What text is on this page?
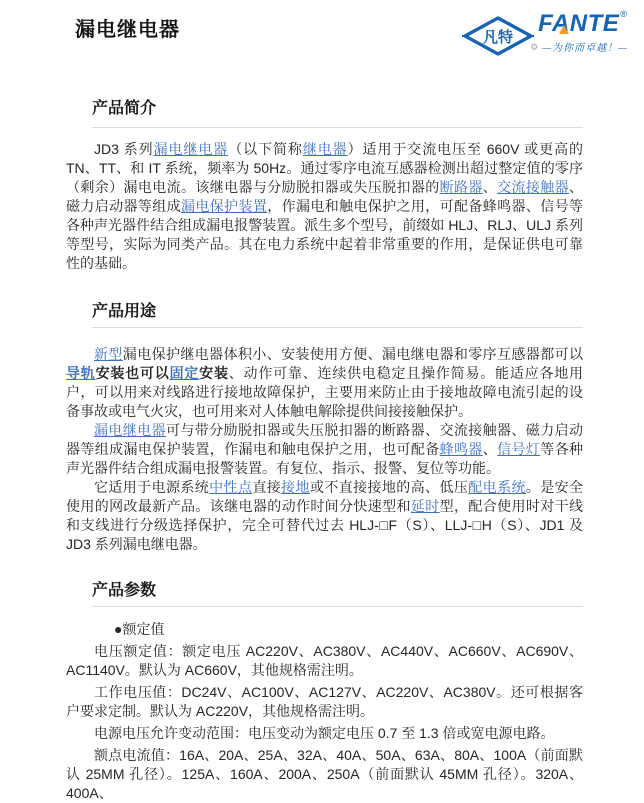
漏电继电器	凡特
FANTE
®
⚙ —为你而卓越！—
产品简介

JD3 系列漏电继电器（以下简称继电器）适用于交流电压至 660V 或更高的 TN、TT、和 IT 系统，频率为 50Hz。通过零序电流互感器检测出超过整定值的零序（剩余）漏电电流。该继电器与分励脱扣器或失压脱扣器的断路器、交流接触器、磁力启动器等组成漏电保护装置，作漏电和触电保护之用，可配备蜂鸣器、信号等各种声光器件结合组成漏电报警装置。派生多个型号，前缀如 HLJ、RLJ、ULJ 系列等型号，实际为同类产品。其在电力系统中起着非常重要的作用，是保证供电可靠性的基础。

产品用途

新型漏电保护继电器体积小、安装使用方便、漏电继电器和零序互感器都可以导轨安装也可以固定安装、动作可靠、连续供电稳定且操作简易。能适应各地用户，可以用来对线路进行接地故障保护，主要用来防止由于接地故障电流引起的设备事故或电气火灾，也可用来对人体触电解除提供间接接触保护。

漏电继电器可与带分励脱扣器或失压脱扣器的断路器、交流接触器、磁力启动器等组成漏电保护装置，作漏电和触电保护之用，也可配备蜂鸣器、信号灯等各种声光器件结合组成漏电报警装置。有复位、指示、报警、复位等功能。

它适用于电源系统中性点直接接地或不直接接地的高、低压配电系统。是安全使用的网改最新产品。该继电器的动作时间分快速型和延时型，配合使用时对干线和支线进行分级选择保护，完全可替代过去 HLJ-□F（S）、LLJ-□H（S）、JD1 及 JD3 系列漏电继电器。

产品参数

●额定值

电压额定值：额定电压 AC220V、AC380V、AC440V、AC660V、AC690V、AC1140V。默认为 AC660V，其他规格需注明。

工作电压值：DC24V、AC100V、AC127V、AC220V、AC380V。还可根据客户要求定制。默认为 AC220V，其他规格需注明。

电源电压允许变动范围：电压变动为额定电压 0.7 至 1.3 倍或宽电源电路。

额点电流值：16A、20A、25A、32A、40A、50A、63A、80A、100A（前面默认 25MM 孔径）。125A、160A、200A、250A（前面默认 45MM 孔径）。320A、400A、
